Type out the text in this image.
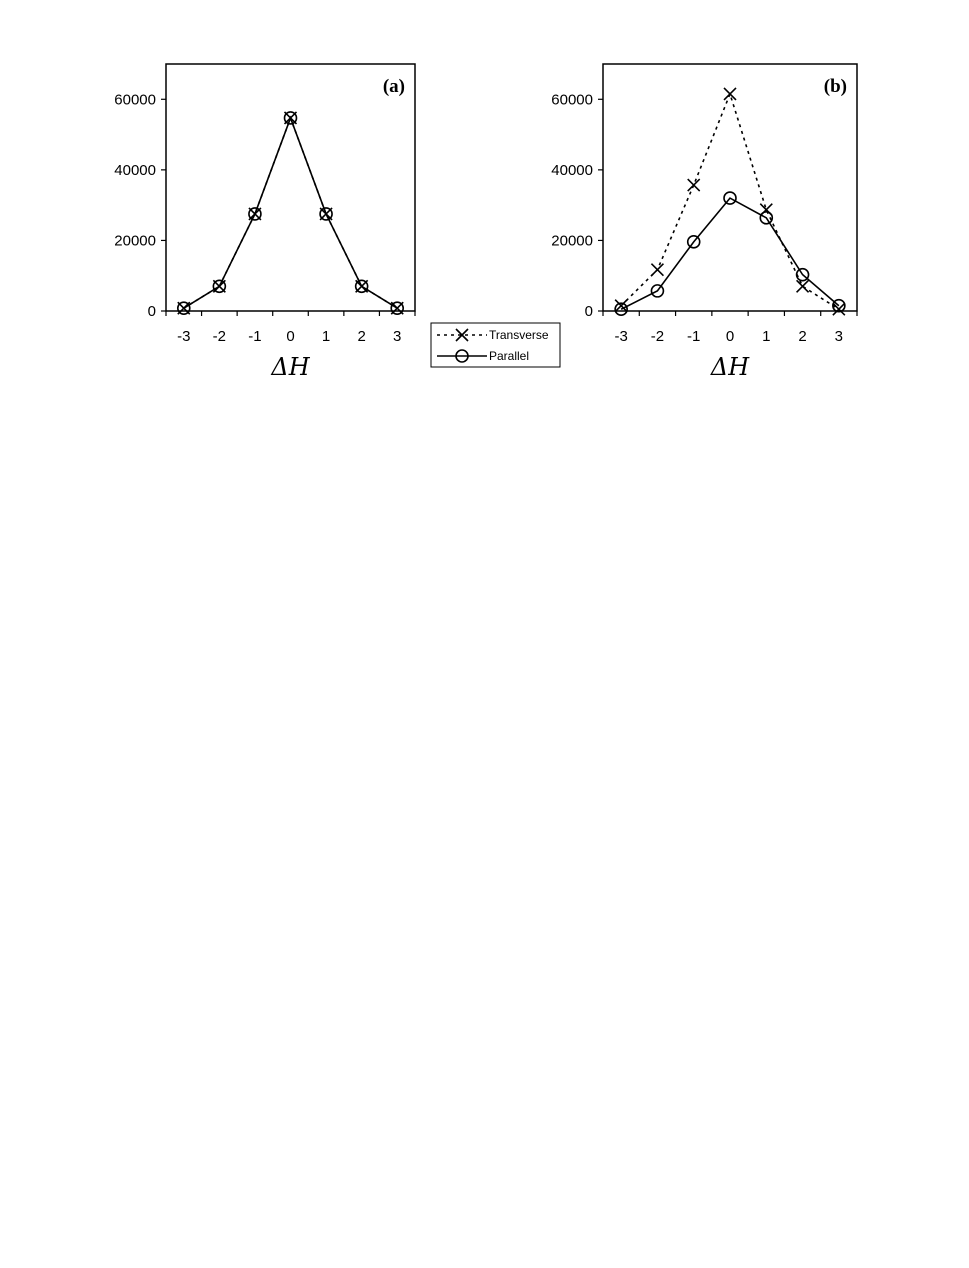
0
20000
40000
60000
-3 -2 -1 0 1 2 3
ΔH
(a)
0
20000
40000
60000
-3 -2 -1 0 1 2 3
ΔH
(b)
Transverse
Parallel
